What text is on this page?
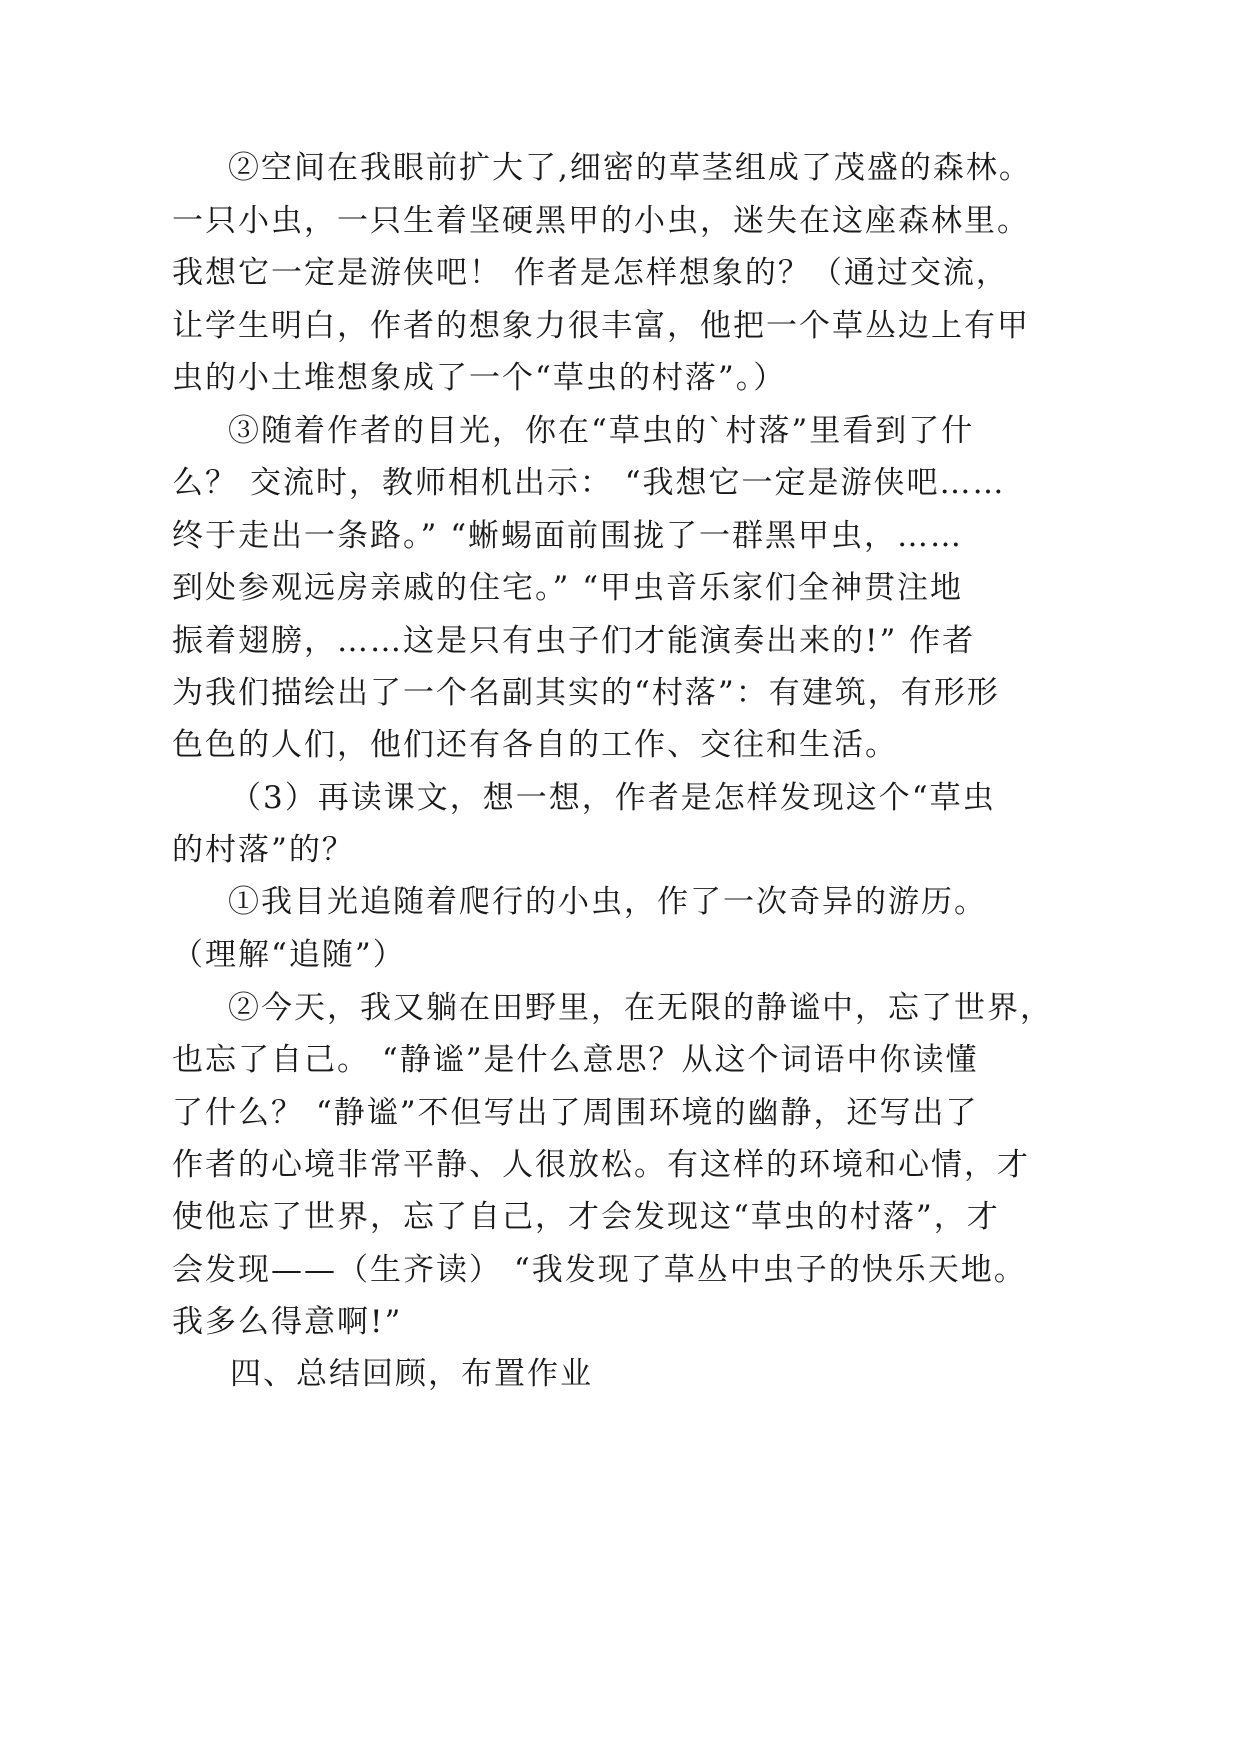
②空间在我眼前扩大了,细密的草茎组成了茂盛的森林。

一只小虫，一只生着坚硬黑甲的小虫，迷失在这座森林里。

我想它一定是游侠吧！ 作者是怎样想象的？（通过交流，

让学生明白，作者的想象力很丰富，他把一个草丛边上有甲

虫的小土堆想象成了一个“草虫的村落”。）

③随着作者的目光，你在“草虫的`村落”里看到了什

么？ 交流时，教师相机出示： “我想它一定是游侠吧……

终于走出一条路。” “蜥蜴面前围拢了一群黑甲虫，……

到处参观远房亲戚的住宅。” “甲虫音乐家们全神贯注地

振着翅膀，……这是只有虫子们才能演奏出来的!” 作者

为我们描绘出了一个名副其实的“村落”：有建筑，有形形

色色的人们，他们还有各自的工作、交往和生活。

（3）再读课文，想一想，作者是怎样发现这个“草虫

的村落”的？

①我目光追随着爬行的小虫，作了一次奇异的游历。

（理解“追随”）

②今天，我又躺在田野里，在无限的静谧中，忘了世界，

也忘了自己。 “静谧”是什么意思？从这个词语中你读懂

了什么？ “静谧”不但写出了周围环境的幽静，还写出了

作者的心境非常平静、人很放松。有这样的环境和心情，才

使他忘了世界，忘了自己，才会发现这“草虫的村落”，才

会发现——（生齐读） “我发现了草丛中虫子的快乐天地。

我多么得意啊!”

四、总结回顾，布置作业
